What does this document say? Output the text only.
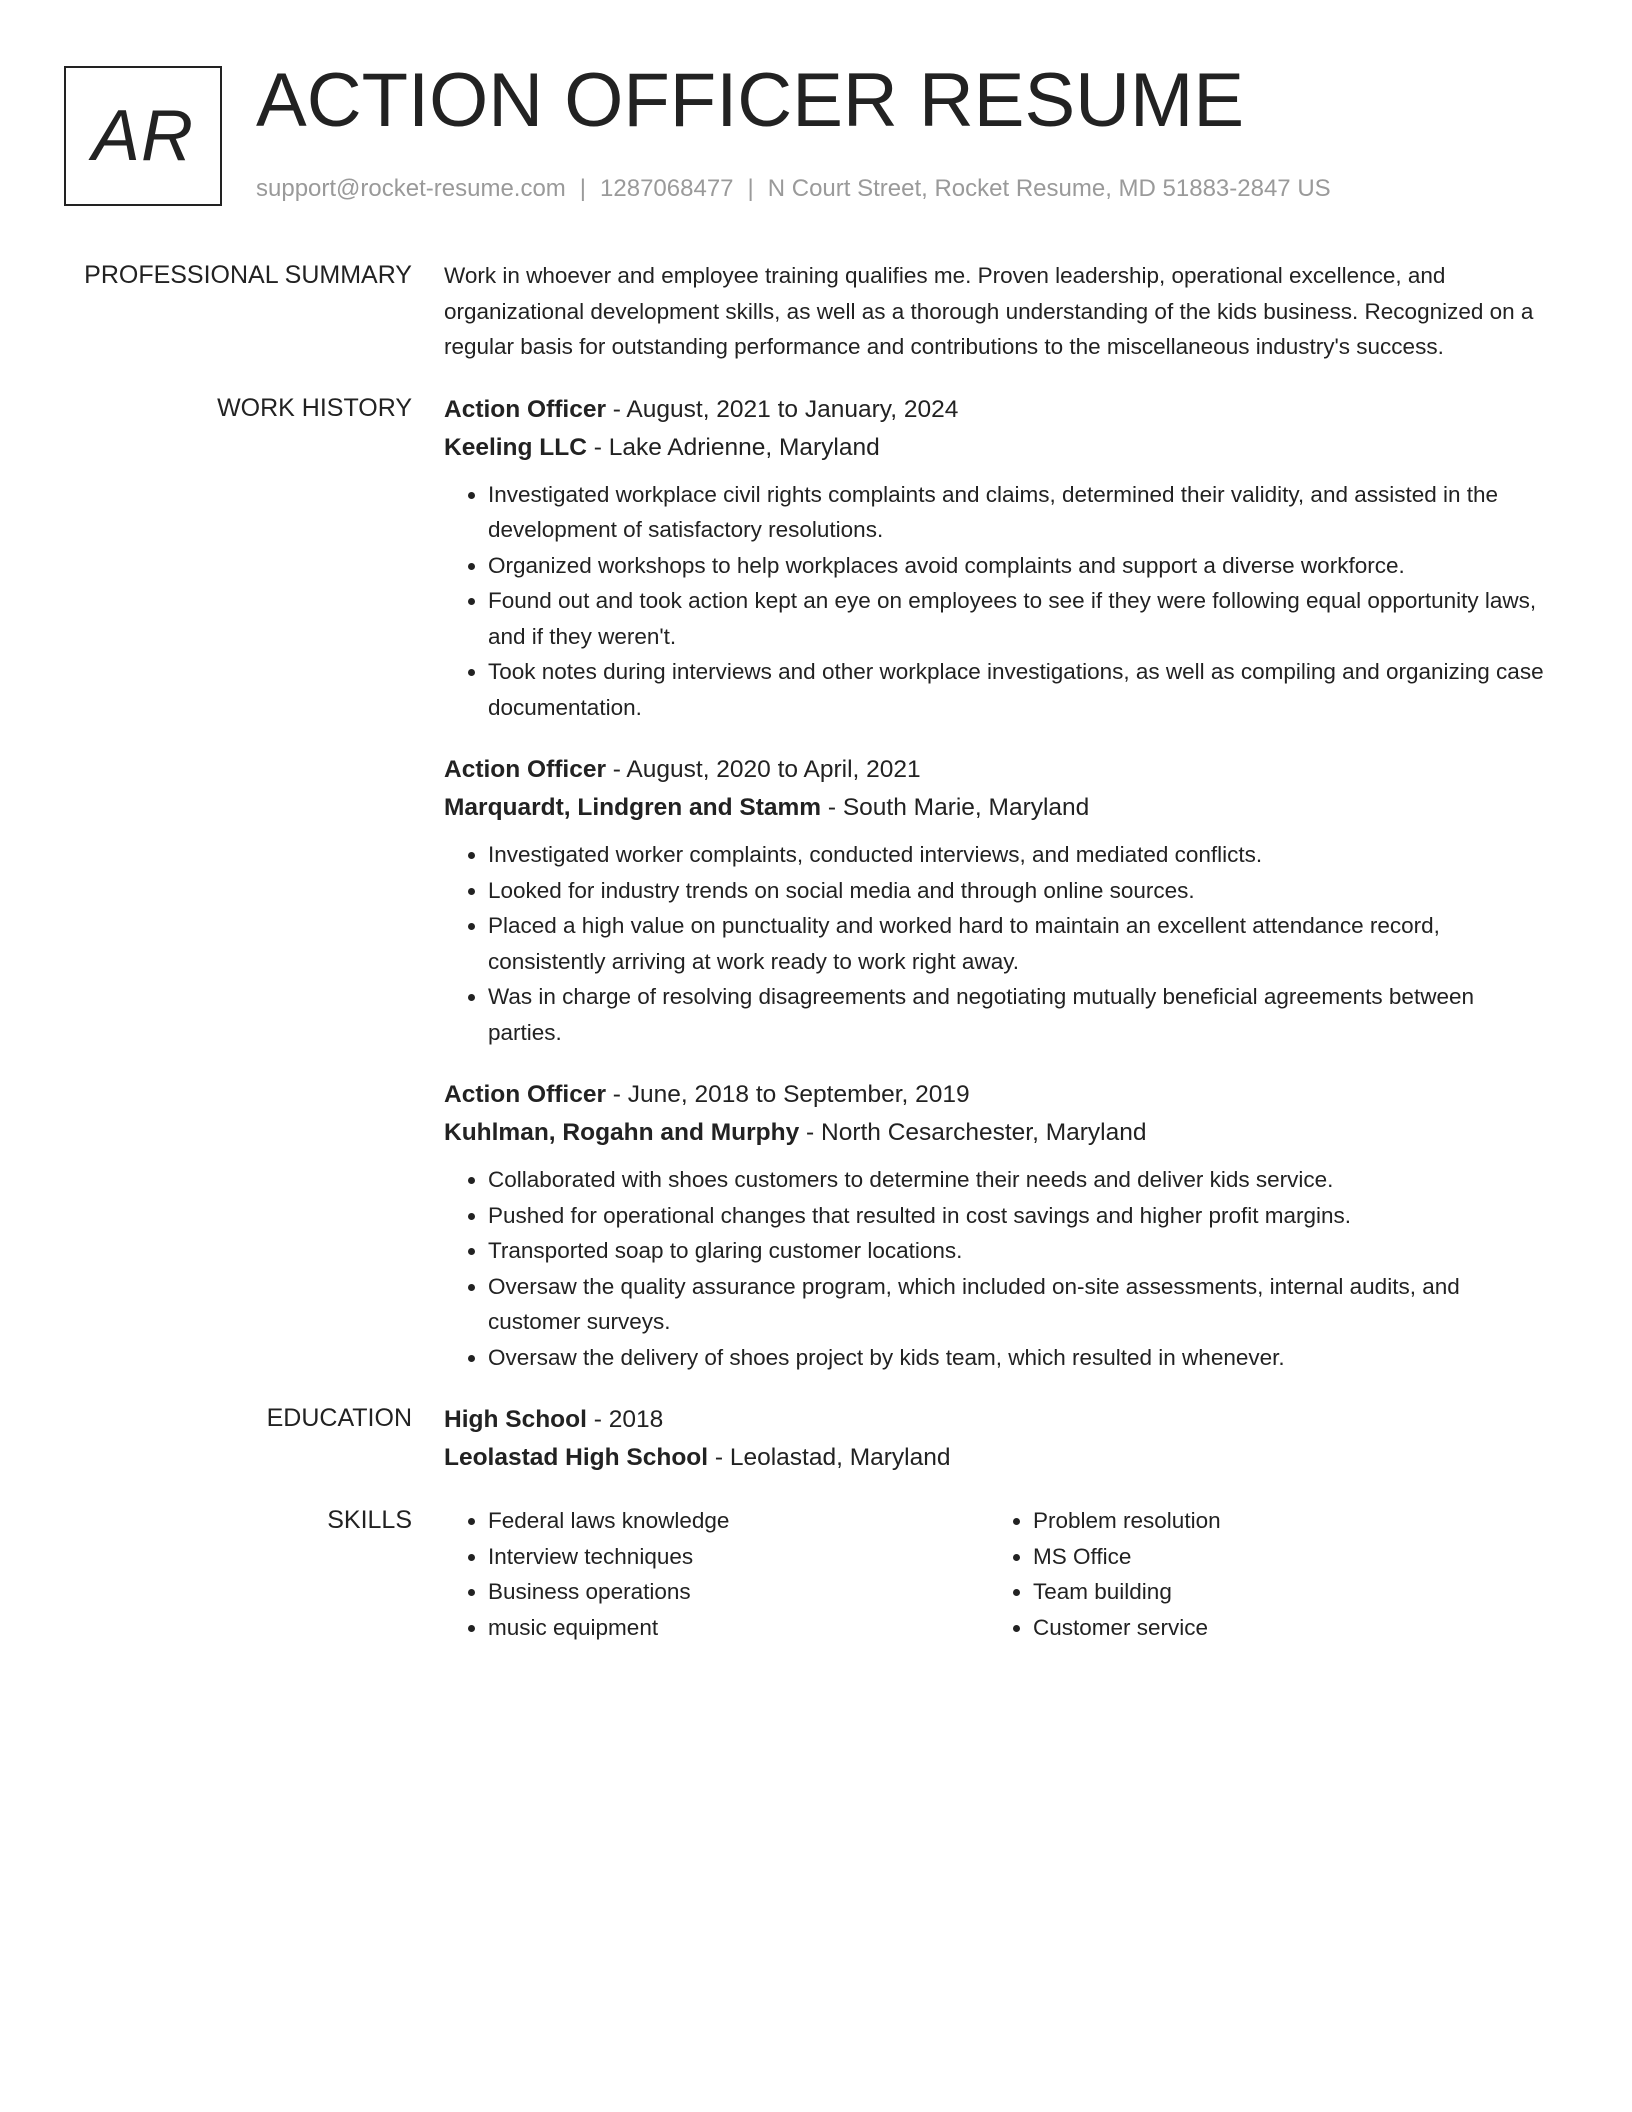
AR ACTION OFFICER RESUME
support@rocket-resume.com | 1287068477 | N Court Street, Rocket Resume, MD 51883-2847 US
PROFESSIONAL SUMMARY Work in whoever and employee training qualifies me. Proven leadership, operational excellence, and organizational development skills, as well as a thorough understanding of the kids business. Recognized on a regular basis for outstanding performance and contributions to the miscellaneous industry's success.

WORK HISTORY Action Officer - August, 2021 to January, 2024

Keeling LLC - Lake Adrienne, Maryland

• Investigated workplace civil rights complaints and claims, determined their validity, and assisted in the development of satisfactory resolutions.
• Organized workshops to help workplaces avoid complaints and support a diverse workforce.
• Found out and took action kept an eye on employees to see if they were following equal opportunity laws, and if they weren't.
• Took notes during interviews and other workplace investigations, as well as compiling and organizing case documentation.

Action Officer - August, 2020 to April, 2021

Marquardt, Lindgren and Stamm - South Marie, Maryland

• Investigated worker complaints, conducted interviews, and mediated conflicts.
• Looked for industry trends on social media and through online sources.
• Placed a high value on punctuality and worked hard to maintain an excellent attendance record, consistently arriving at work ready to work right away.
• Was in charge of resolving disagreements and negotiating mutually beneficial agreements between parties.

Action Officer - June, 2018 to September, 2019

Kuhlman, Rogahn and Murphy - North Cesarchester, Maryland

• Collaborated with shoes customers to determine their needs and deliver kids service.
• Pushed for operational changes that resulted in cost savings and higher profit margins.
• Transported soap to glaring customer locations.
• Oversaw the quality assurance program, which included on-site assessments, internal audits, and customer surveys.
• Oversaw the delivery of shoes project by kids team, which resulted in whenever.
EDUCATION High School - 2018

Leolastad High School - Leolastad, Maryland

SKILLS
•	Federal laws knowledge
• Interview techniques
• Business operations
• music equipment
• Problem resolution
• MS Office
• Team building
• Customer service
